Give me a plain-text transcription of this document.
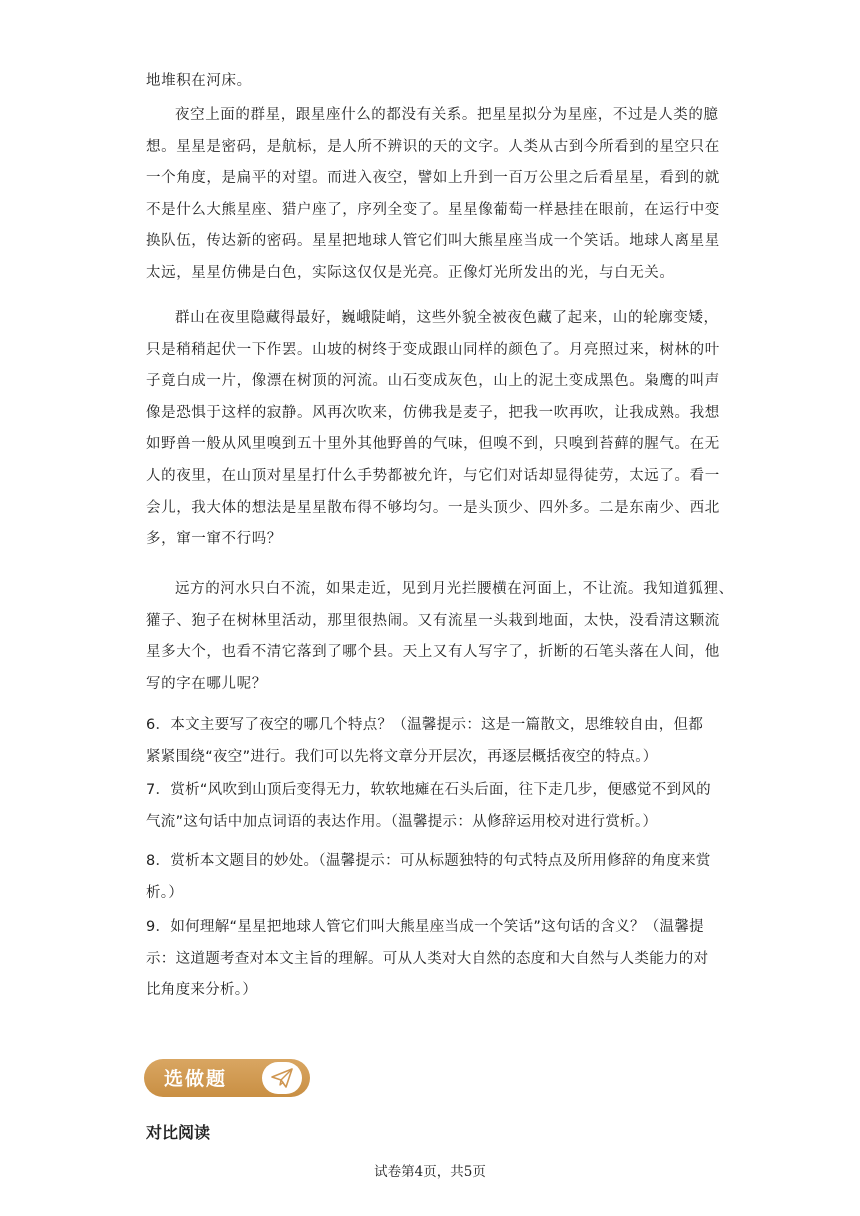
地堆积在河床。
夜空上面的群星，跟星座什么的都没有关系。把星星拟分为星座，不过是人类的臆
想。星星是密码，是航标，是人所不辨识的天的文字。人类从古到今所看到的星空只在
一个角度，是扁平的对望。而进入夜空，譬如上升到一百万公里之后看星星，看到的就
不是什么大熊星座、猎户座了，序列全变了。星星像葡萄一样悬挂在眼前，在运行中变
换队伍，传达新的密码。星星把地球人管它们叫大熊星座当成一个笑话。地球人离星星
太远，星星仿佛是白色，实际这仅仅是光亮。正像灯光所发出的光，与白无关。
群山在夜里隐藏得最好，巍峨陡峭，这些外貌全被夜色藏了起来，山的轮廓变矮，
只是稍稍起伏一下作罢。山坡的树终于变成跟山同样的颜色了。月亮照过来，树林的叶
子竟白成一片，像漂在树顶的河流。山石变成灰色，山上的泥土变成黑色。枭鹰的叫声
像是恐惧于这样的寂静。风再次吹来，仿佛我是麦子，把我一吹再吹，让我成熟。我想
如野兽一般从风里嗅到五十里外其他野兽的气味，但嗅不到，只嗅到苔藓的腥气。在无
人的夜里，在山顶对星星打什么手势都被允许，与它们对话却显得徒劳，太远了。看一
会儿，我大体的想法是星星散布得不够均匀。一是头顶少、四外多。二是东南少、西北
多，窜一窜不行吗？
远方的河水只白不流，如果走近，见到月光拦腰横在河面上，不让流。我知道狐狸、
獾子、狍子在树林里活动，那里很热闹。又有流星一头栽到地面，太快，没看清这颗流
星多大个，也看不清它落到了哪个县。天上又有人写字了，折断的石笔头落在人间，他
写的字在哪儿呢？
6．本文主要写了夜空的哪几个特点？（温馨提示：这是一篇散文，思维较自由，但都
紧紧围绕“夜空”进行。我们可以先将文章分开层次，再逐层概括夜空的特点。）
7．赏析“风吹到山顶后变得无力，软软地瘫在石头后面，往下走几步，便感觉不到风的
气流”这句话中加点词语的表达作用。（温馨提示：从修辞运用校对进行赏析。）
8．赏析本文题目的妙处。（温馨提示：可从标题独特的句式特点及所用修辞的角度来赏
析。）
9．如何理解“星星把地球人管它们叫大熊星座当成一个笑话”这句话的含义？（温馨提
示：这道题考查对本文主旨的理解。可从人类对大自然的态度和大自然与人类能力的对
比角度来分析。）
选做题
对比阅读
试卷第4页，共5页
